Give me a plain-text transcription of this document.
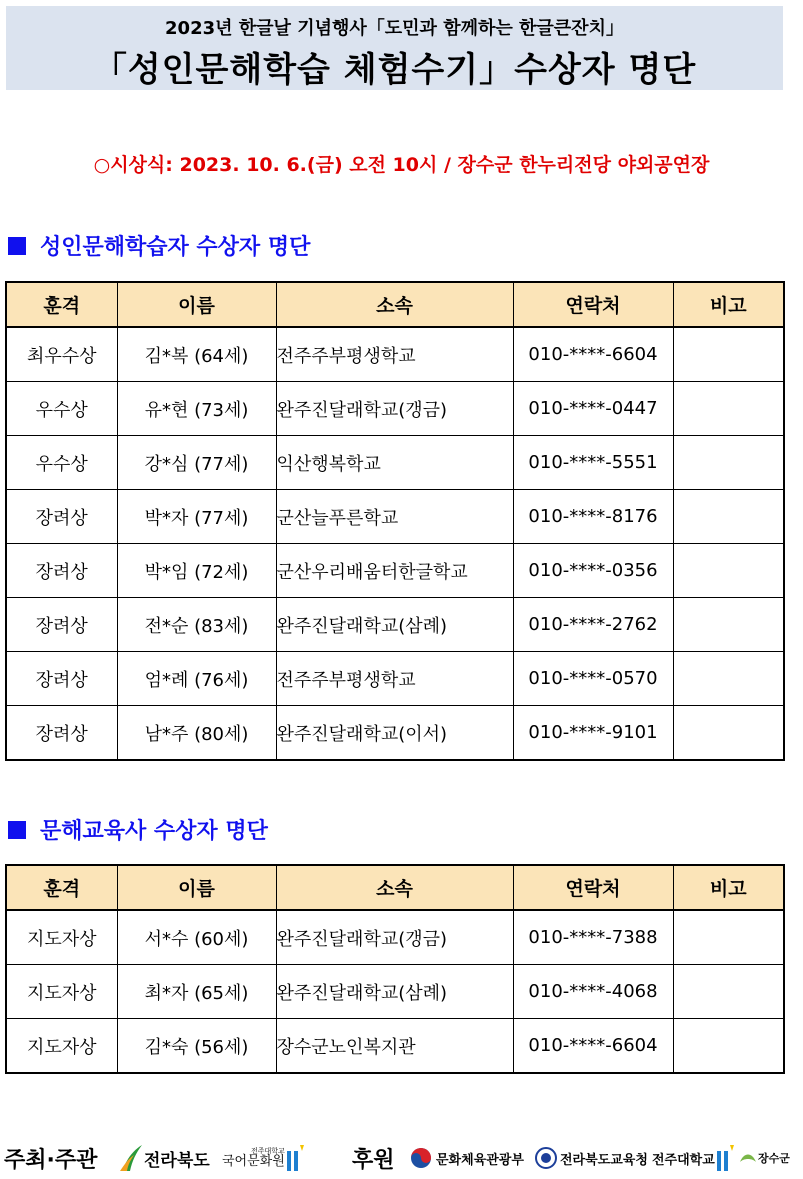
2023년 한글날 기념행사「도민과 함께하는 한글큰잔치」
「성인문해학습 체험수기」수상자 명단
○시상식: 2023. 10. 6.(금) 오전 10시 / 장수군 한누리전당 야외공연장
성인문해학습자 수상자 명단
훈격	이름	소속	연락처	비고
최우수상	김*복 (64세)	전주주부평생학교	010-****-6604	
우수상	유*현 (73세)	완주진달래학교(갱금)	010-****-0447	
우수상	강*심 (77세)	익산행복학교	010-****-5551	
장려상	박*자 (77세)	군산늘푸른학교	010-****-8176	
장려상	박*임 (72세)	군산우리배움터한글학교	010-****-0356	
장려상	전*순 (83세)	완주진달래학교(삼례)	010-****-2762	
장려상	엄*례 (76세)	전주주부평생학교	010-****-0570	
장려상	남*주 (80세)	완주진달래학교(이서)	010-****-9101	
문해교육사 수상자 명단
훈격	이름	소속	연락처	비고
지도자상	서*수 (60세)	완주진달래학교(갱금)	010-****-7388	
지도자상	최*자 (65세)	완주진달래학교(삼례)	010-****-4068	
지도자상	김*숙 (56세)	장수군노인복지관	010-****-6604	
주최·주관	전라북도	전주대학교
국어문화원	후원	문화체육관광부	전라북도교육청 전주대학교	장수군
